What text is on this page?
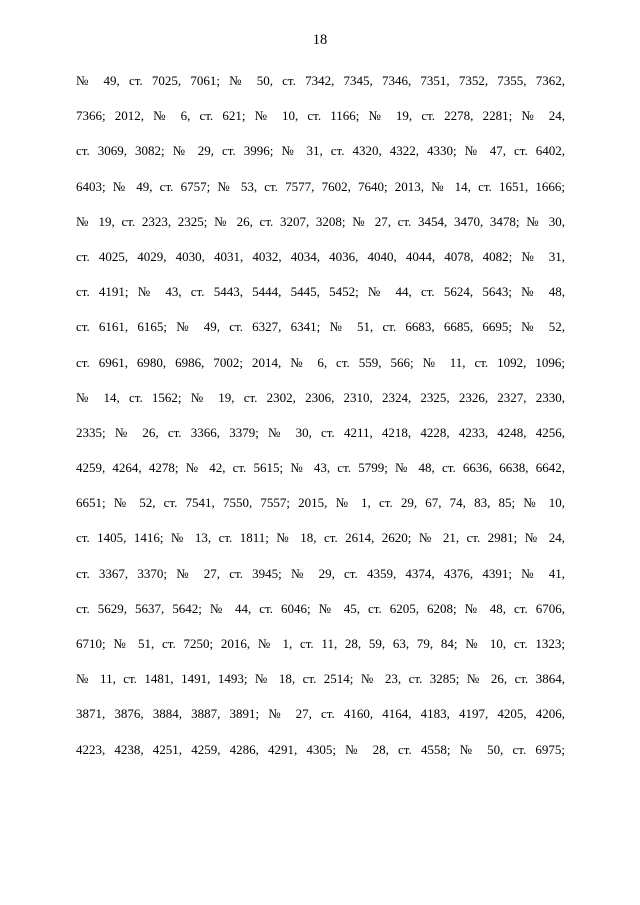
18
№ 49, ст. 7025, 7061; № 50, ст. 7342, 7345, 7346, 7351, 7352, 7355, 7362,
7366; 2012, № 6, ст. 621; № 10, ст. 1166; № 19, ст. 2278, 2281; № 24,
ст. 3069, 3082; № 29, ст. 3996; № 31, ст. 4320, 4322, 4330; № 47, ст. 6402,
6403; № 49, ст. 6757; № 53, ст. 7577, 7602, 7640; 2013, № 14, ст. 1651, 1666;
№ 19, ст. 2323, 2325; № 26, ст. 3207, 3208; № 27, ст. 3454, 3470, 3478; № 30,
ст. 4025, 4029, 4030, 4031, 4032, 4034, 4036, 4040, 4044, 4078, 4082; № 31,
ст. 4191; № 43, ст. 5443, 5444, 5445, 5452; № 44, ст. 5624, 5643; № 48,
ст. 6161, 6165; № 49, ст. 6327, 6341; № 51, ст. 6683, 6685, 6695; № 52,
ст. 6961, 6980, 6986, 7002; 2014, № 6, ст. 559, 566; № 11, ст. 1092, 1096;
№ 14, ст. 1562; № 19, ст. 2302, 2306, 2310, 2324, 2325, 2326, 2327, 2330,
2335; № 26, ст. 3366, 3379; № 30, ст. 4211, 4218, 4228, 4233, 4248, 4256,
4259, 4264, 4278; № 42, ст. 5615; № 43, ст. 5799; № 48, ст. 6636, 6638, 6642,
6651; № 52, ст. 7541, 7550, 7557; 2015, № 1, ст. 29, 67, 74, 83, 85; № 10,
ст. 1405, 1416; № 13, ст. 1811; № 18, ст. 2614, 2620; № 21, ст. 2981; № 24,
ст. 3367, 3370; № 27, ст. 3945; № 29, ст. 4359, 4374, 4376, 4391; № 41,
ст. 5629, 5637, 5642; № 44, ст. 6046; № 45, ст. 6205, 6208; № 48, ст. 6706,
6710; № 51, ст. 7250; 2016, № 1, ст. 11, 28, 59, 63, 79, 84; № 10, ст. 1323;
№ 11, ст. 1481, 1491, 1493; № 18, ст. 2514; № 23, ст. 3285; № 26, ст. 3864,
3871, 3876, 3884, 3887, 3891; № 27, ст. 4160, 4164, 4183, 4197, 4205, 4206,
4223, 4238, 4251, 4259, 4286, 4291, 4305; № 28, ст. 4558; № 50, ст. 6975;
